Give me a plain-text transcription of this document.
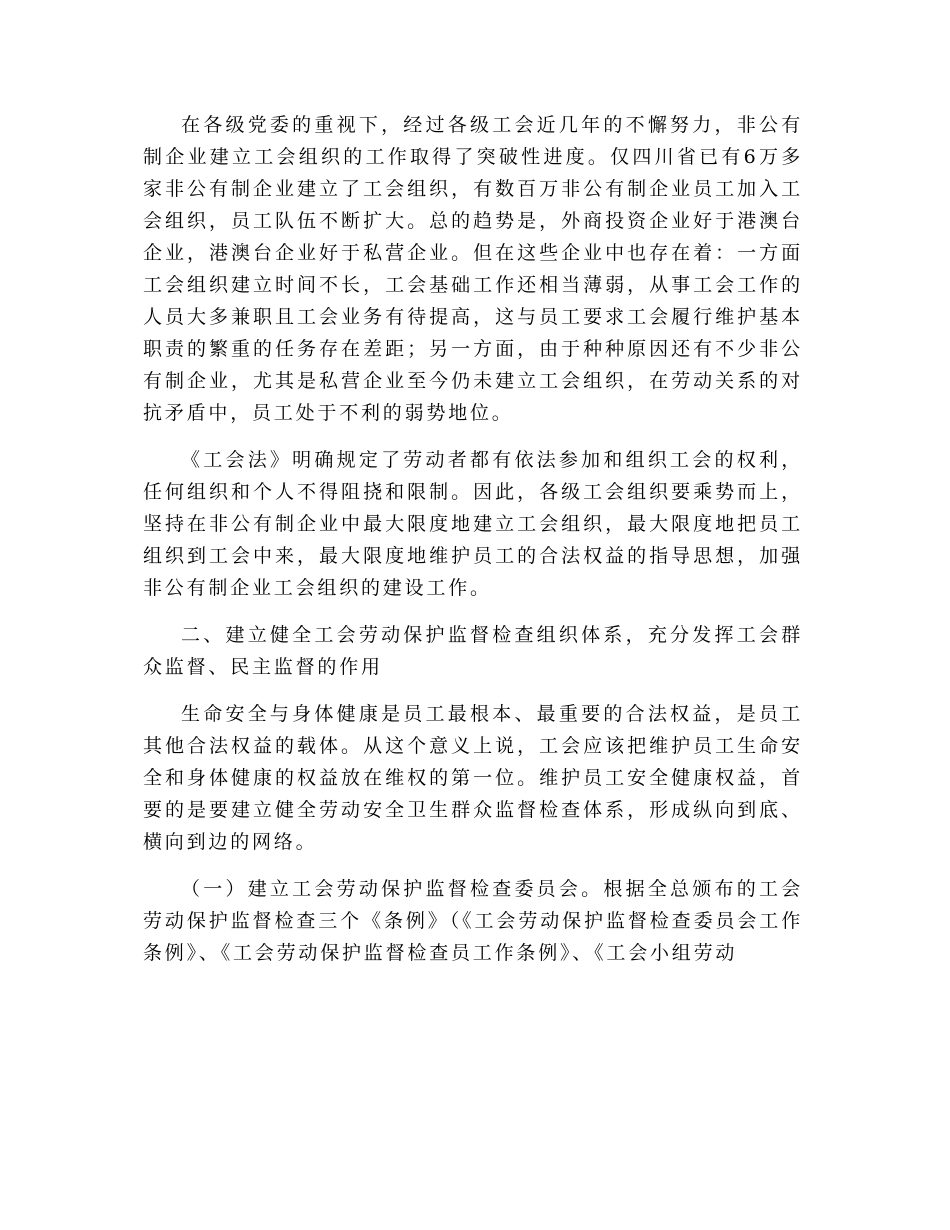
在各级党委的重视下，经过各级工会近几年的不懈努力，非公有制企业建立工会组织的工作取得了突破性进度。仅四川省已有6万多家非公有制企业建立了工会组织，有数百万非公有制企业员工加入工会组织，员工队伍不断扩大。总的趋势是，外商投资企业好于港澳台企业，港澳台企业好于私营企业。但在这些企业中也存在着：一方面工会组织建立时间不长，工会基础工作还相当薄弱，从事工会工作的人员大多兼职且工会业务有待提高，这与员工要求工会履行维护基本职责的繁重的任务存在差距；另一方面，由于种种原因还有不少非公有制企业，尤其是私营企业至今仍未建立工会组织，在劳动关系的对抗矛盾中，员工处于不利的弱势地位。

《工会法》明确规定了劳动者都有依法参加和组织工会的权利，任何组织和个人不得阻挠和限制。因此，各级工会组织要乘势而上，坚持在非公有制企业中最大限度地建立工会组织，最大限度地把员工组织到工会中来，最大限度地维护员工的合法权益的指导思想，加强非公有制企业工会组织的建设工作。

二、建立健全工会劳动保护监督检查组织体系，充分发挥工会群众监督、民主监督的作用

生命安全与身体健康是员工最根本、最重要的合法权益，是员工其他合法权益的载体。从这个意义上说，工会应该把维护员工生命安全和身体健康的权益放在维权的第一位。维护员工安全健康权益，首要的是要建立健全劳动安全卫生群众监督检查体系，形成纵向到底、横向到边的网络。

（一）建立工会劳动保护监督检查委员会。根据全总颁布的工会劳动保护监督检查三个《条例》（《工会劳动保护监督检查委员会工作条例》、《工会劳动保护监督检查员工作条例》、《工会小组劳动
